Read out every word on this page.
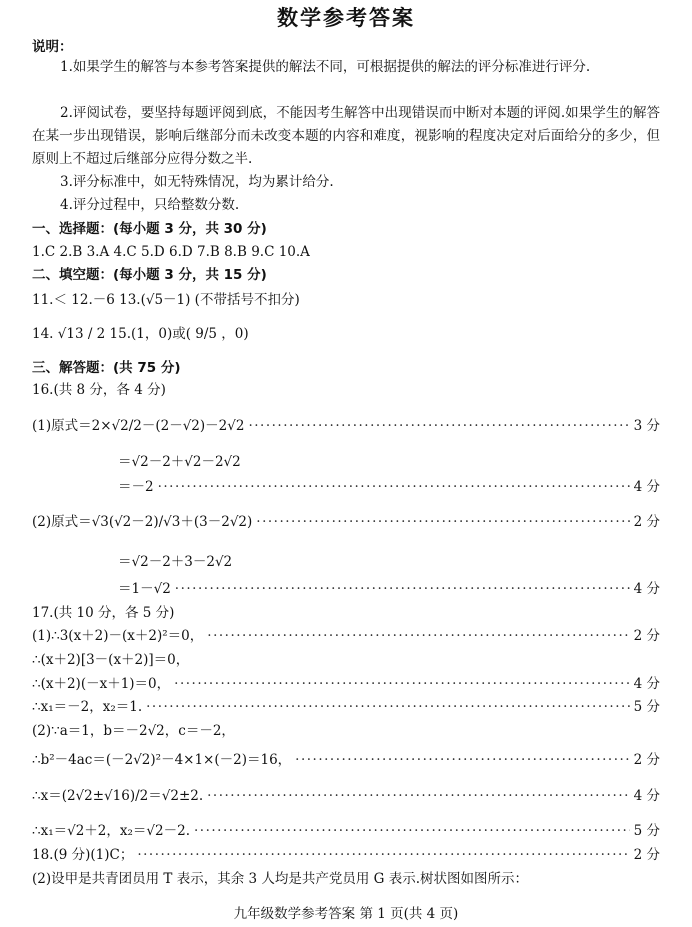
数学参考答案
说明：
1.如果学生的解答与本参考答案提供的解法不同，可根据提供的解法的评分标准进行评分.
2.评阅试卷，要坚持每题评阅到底，不能因考生解答中出现错误而中断对本题的评阅.如果学生的解答在某一步出现错误，影响后继部分而未改变本题的内容和难度，视影响的程度决定对后面给分的多少，但原则上不超过后继部分应得分数之半.
3.评分标准中，如无特殊情况，均为累计给分.
4.评分过程中，只给整数分数.
一、选择题：(每小题 3 分，共 30 分)
1.C 2.B 3.A 4.C 5.D 6.D 7.B 8.B 9.C 10.A
二、填空题：(每小题 3 分，共 15 分)
11.＜ 12.－6 13.(√5－1) (不带括号不扣分)
14. √13 / 2 15.(1，0)或( 9/5 ，0)
三、解答题：(共 75 分)
16.(共 8 分，各 4 分)
(1)原式＝2×√2/2－(2－√2)－2√2 ·····	3 分
＝√2－2＋√2－2√2
＝－2 ·····	4 分
(2)原式＝√3(√2－2)/√3＋(3－2√2) ·····	2 分
＝√2－2＋3－2√2
＝1－√2 ·····	4 分
17.(共 10 分，各 5 分)
(1)∴3(x＋2)－(x＋2)²＝0， ·····	2 分
∴(x＋2)[3－(x＋2)]＝0，
∴(x＋2)(－x＋1)＝0， ·····	4 分
∴x₁＝－2，x₂＝1. ·····	5 分
(2)∵a＝1，b＝－2√2，c＝－2，
∴b²－4ac＝(－2√2)²－4×1×(－2)＝16， ·····	2 分
∴x＝(2√2±√16)/2＝√2±2. ·····	4 分
∴x₁＝√2＋2，x₂＝√2－2. ·····	5 分
18.(9 分)(1)C； ·····	2 分
(2)设甲是共青团员用 T 表示，其余 3 人均是共产党员用 G 表示.树状图如图所示：
九年级数学参考答案 第 1 页(共 4 页)
